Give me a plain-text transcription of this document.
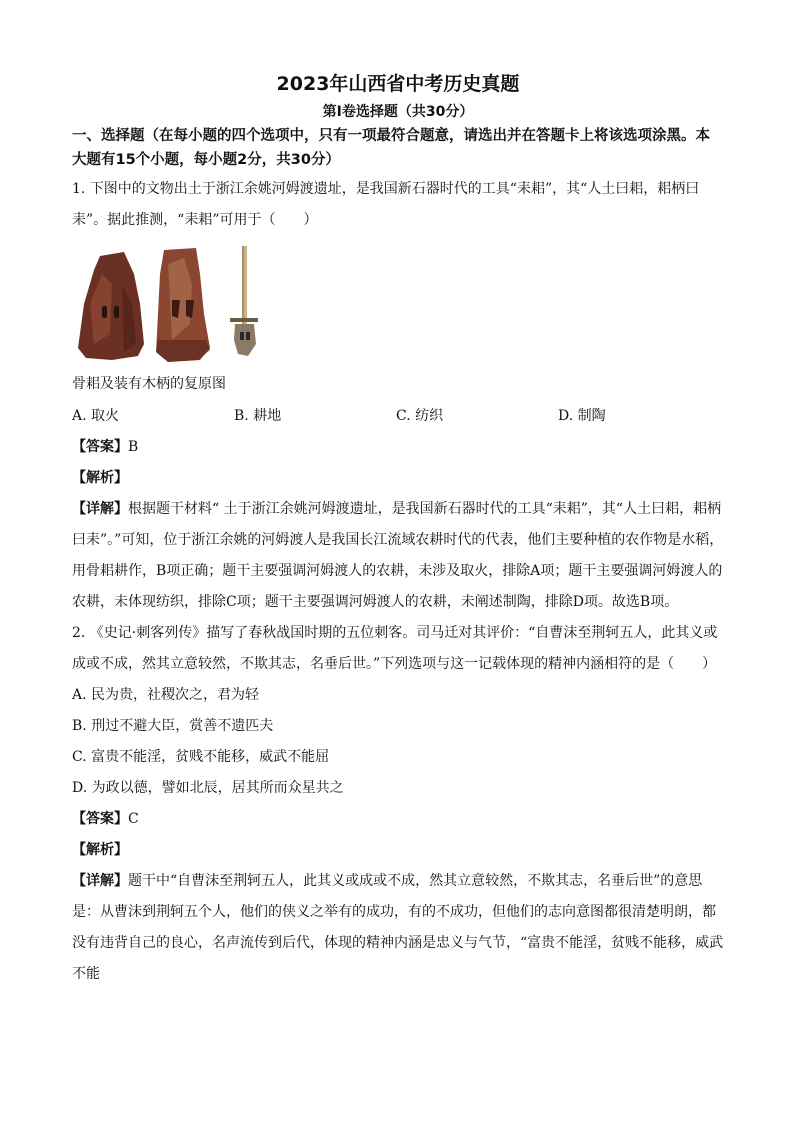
2023年山西省中考历史真题
第Ⅰ卷选择题（共30分）
一、选择题（在每小题的四个选项中，只有一项最符合题意，请选出并在答题卡上将该选项涂黑。本大题有15个小题，每小题2分，共30分）

1. 下图中的文物出土于浙江余姚河姆渡遗址，是我国新石器时代的工具“耒耜”，其“人土曰耜，耜柄曰耒”。据此推测，“耒耜”可用于（　　）

骨耜及装有木柄的复原图
A. 取火	B. 耕地	C. 纺织	D. 制陶
【答案】B
【解析】

【详解】根据题干材料“ 土于浙江余姚河姆渡遗址，是我国新石器时代的工具“耒耜”，其“人土曰耜，耜柄曰耒”。”可知，位于浙江余姚的河姆渡人是我国长江流域农耕时代的代表，他们主要种植的农作物是水稻，用骨耜耕作，B项正确；题干主要强调河姆渡人的农耕，未涉及取火，排除A项；题干主要强调河姆渡人的农耕，未体现纺织，排除C项；题干主要强调河姆渡人的农耕，未阐述制陶，排除D项。故选B项。

2. 《史记·刺客列传》描写了春秋战国时期的五位刺客。司马迁对其评价：“自曹沫至荆轲五人，此其义或成或不成，然其立意较然，不欺其志，名垂后世。”下列选项与这一记载体现的精神内涵相符的是（　　）

A. 民为贵，社稷次之，君为轻
B. 刑过不避大臣，赏善不遗匹夫
C. 富贵不能淫，贫贱不能移，威武不能屈
D. 为政以德，譬如北辰，居其所而众星共之
【答案】C
【解析】

【详解】题干中“自曹沫至荆轲五人，此其义或成或不成，然其立意较然，不欺其志，名垂后世”的意思是：从曹沫到荆轲五个人，他们的侠义之举有的成功，有的不成功，但他们的志向意图都很清楚明朗，都没有违背自己的良心，名声流传到后代，体现的精神内涵是忠义与气节，“富贵不能淫，贫贱不能移，威武不能
